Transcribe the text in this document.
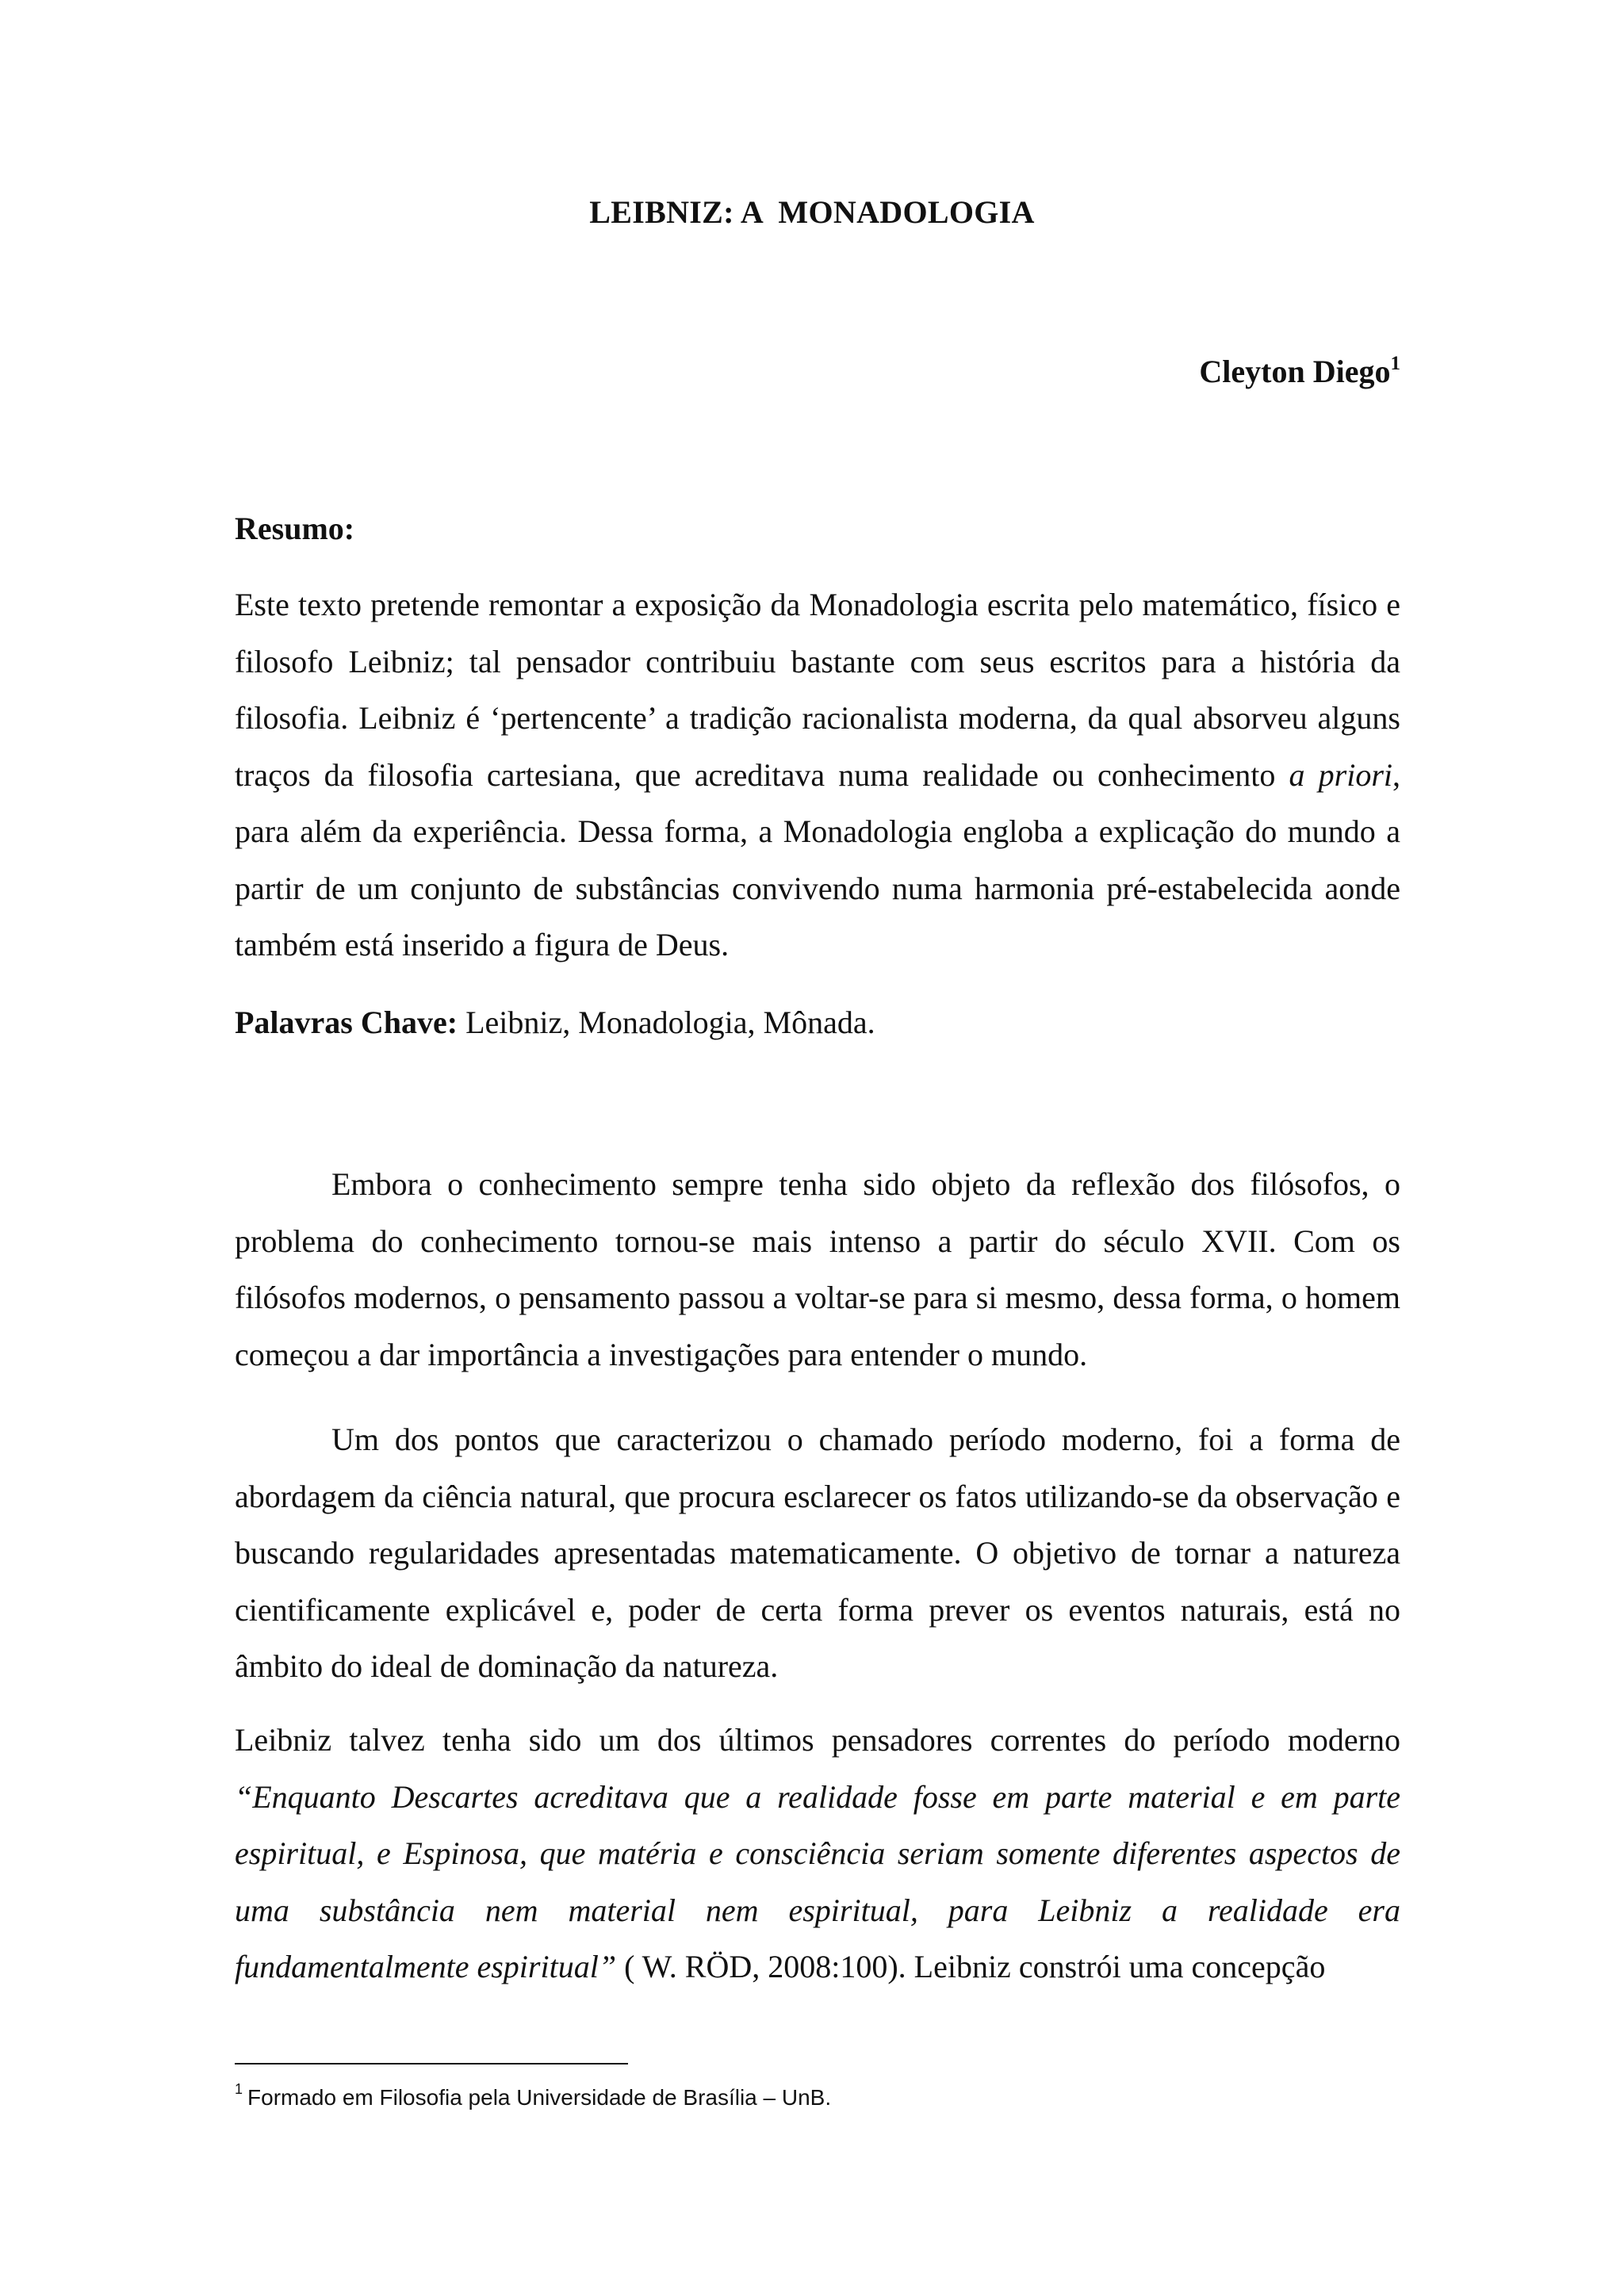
LEIBNIZ: A  MONADOLOGIA
Cleyton Diego$^1$
Resumo:

Este texto pretende remontar a exposição da Monadologia escrita pelo matemático, físico e filosofo Leibniz; tal pensador contribuiu bastante com seus escritos para a história da filosofia. Leibniz é ‘pertencente’ a tradição racionalista moderna, da qual absorveu alguns traços da filosofia cartesiana, que acreditava numa realidade ou conhecimento a priori, para além da experiência. Dessa forma, a Monadologia engloba a explicação do mundo a partir de um conjunto de substâncias convivendo numa harmonia pré-estabelecida aonde também está inserido a figura de Deus.

Palavras Chave: Leibniz, Monadologia, Mônada.

Embora o conhecimento sempre tenha sido objeto da reflexão dos filósofos, o problema do conhecimento tornou-se mais intenso a partir do século XVII. Com os filósofos modernos, o pensamento passou a voltar-se para si mesmo, dessa forma, o homem começou a dar importância a investigações para entender o mundo.

Um dos pontos que caracterizou o chamado período moderno, foi a forma de abordagem da ciência natural, que procura esclarecer os fatos utilizando-se da observação e buscando regularidades apresentadas matematicamente. O objetivo de tornar a natureza cientificamente explicável e, poder de certa forma prever os eventos naturais, está no âmbito do ideal de dominação da natureza.

Leibniz talvez tenha sido um dos últimos pensadores correntes do período moderno “Enquanto Descartes acreditava que a realidade fosse em parte material e em parte espiritual, e Espinosa, que matéria e consciência seriam somente diferentes aspectos de uma substância nem material nem espiritual, para Leibniz a realidade era fundamentalmente espiritual” ( W. RÖD, 2008:100). Leibniz constrói uma concepção

$^1$ Formado em Filosofia pela Universidade de Brasília – UnB.
